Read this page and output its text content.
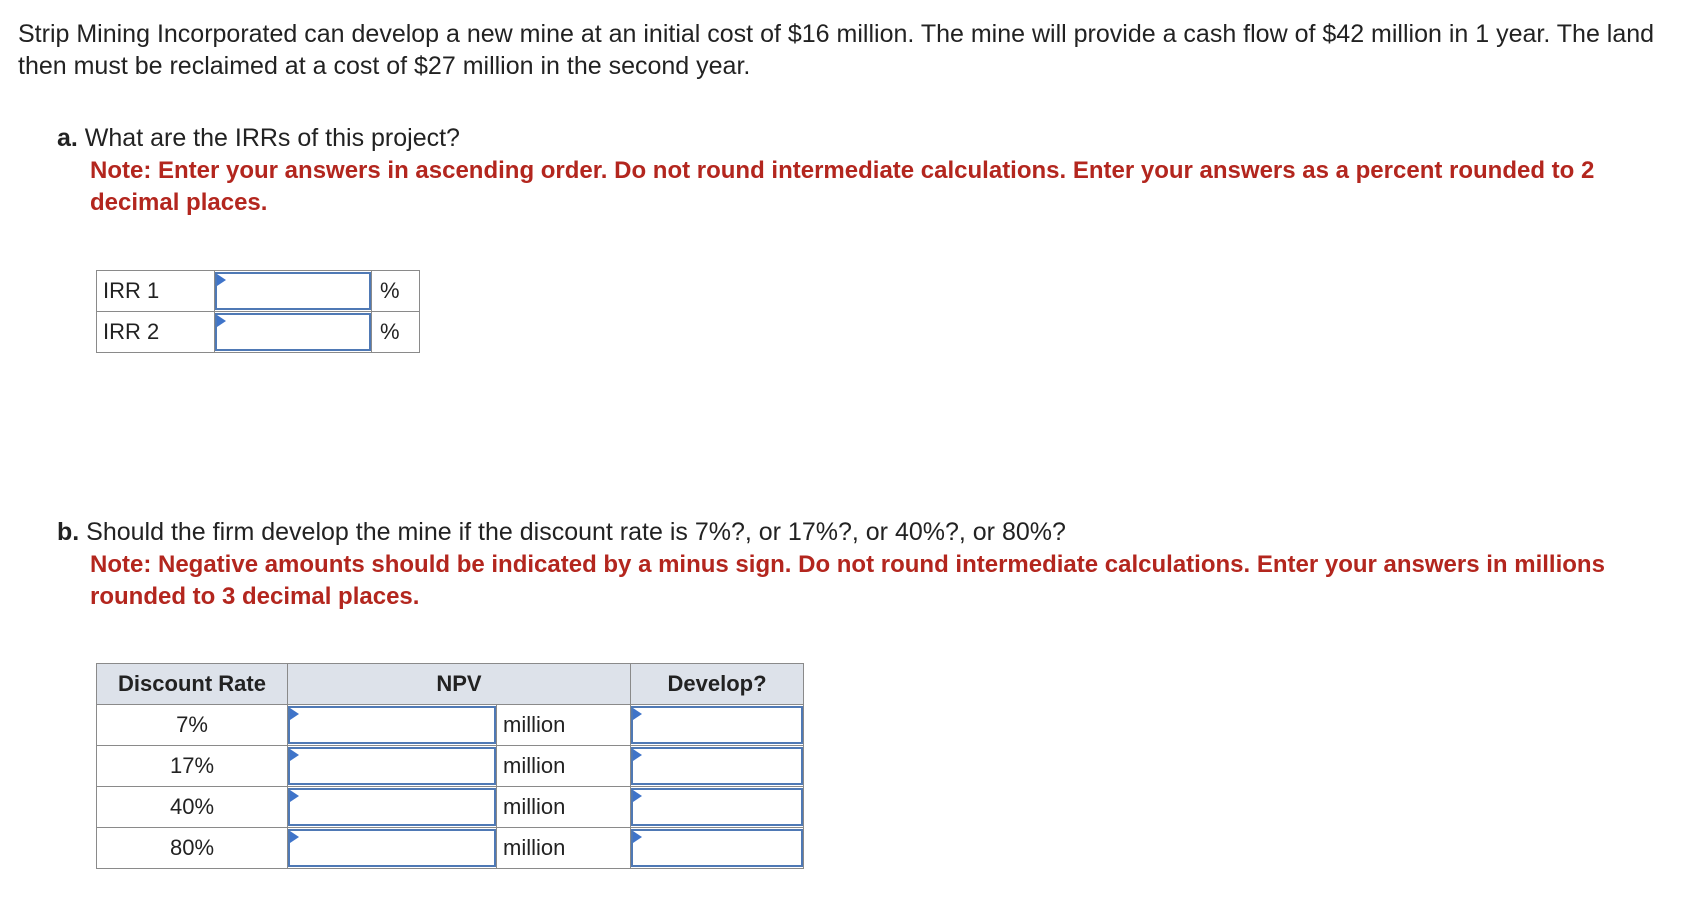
Strip Mining Incorporated can develop a new mine at an initial cost of $16 million. The mine will provide a cash flow of $42 million in 1 year. The land then must be reclaimed at a cost of $27 million in the second year.
a. What are the IRRs of this project?
Note: Enter your answers in ascending order. Do not round intermediate calculations. Enter your answers as a percent rounded to 2 decimal places.
IRR 1		%
IRR 2		%
b. Should the firm develop the mine if the discount rate is 7%?, or 17%?, or 40%?, or 80%?
Note: Negative amounts should be indicated by a minus sign. Do not round intermediate calculations. Enter your answers in millions rounded to 3 decimal places.
Discount Rate	NPV		Develop?
7%		million	

17%		million	

40%		million	

80%		million	
